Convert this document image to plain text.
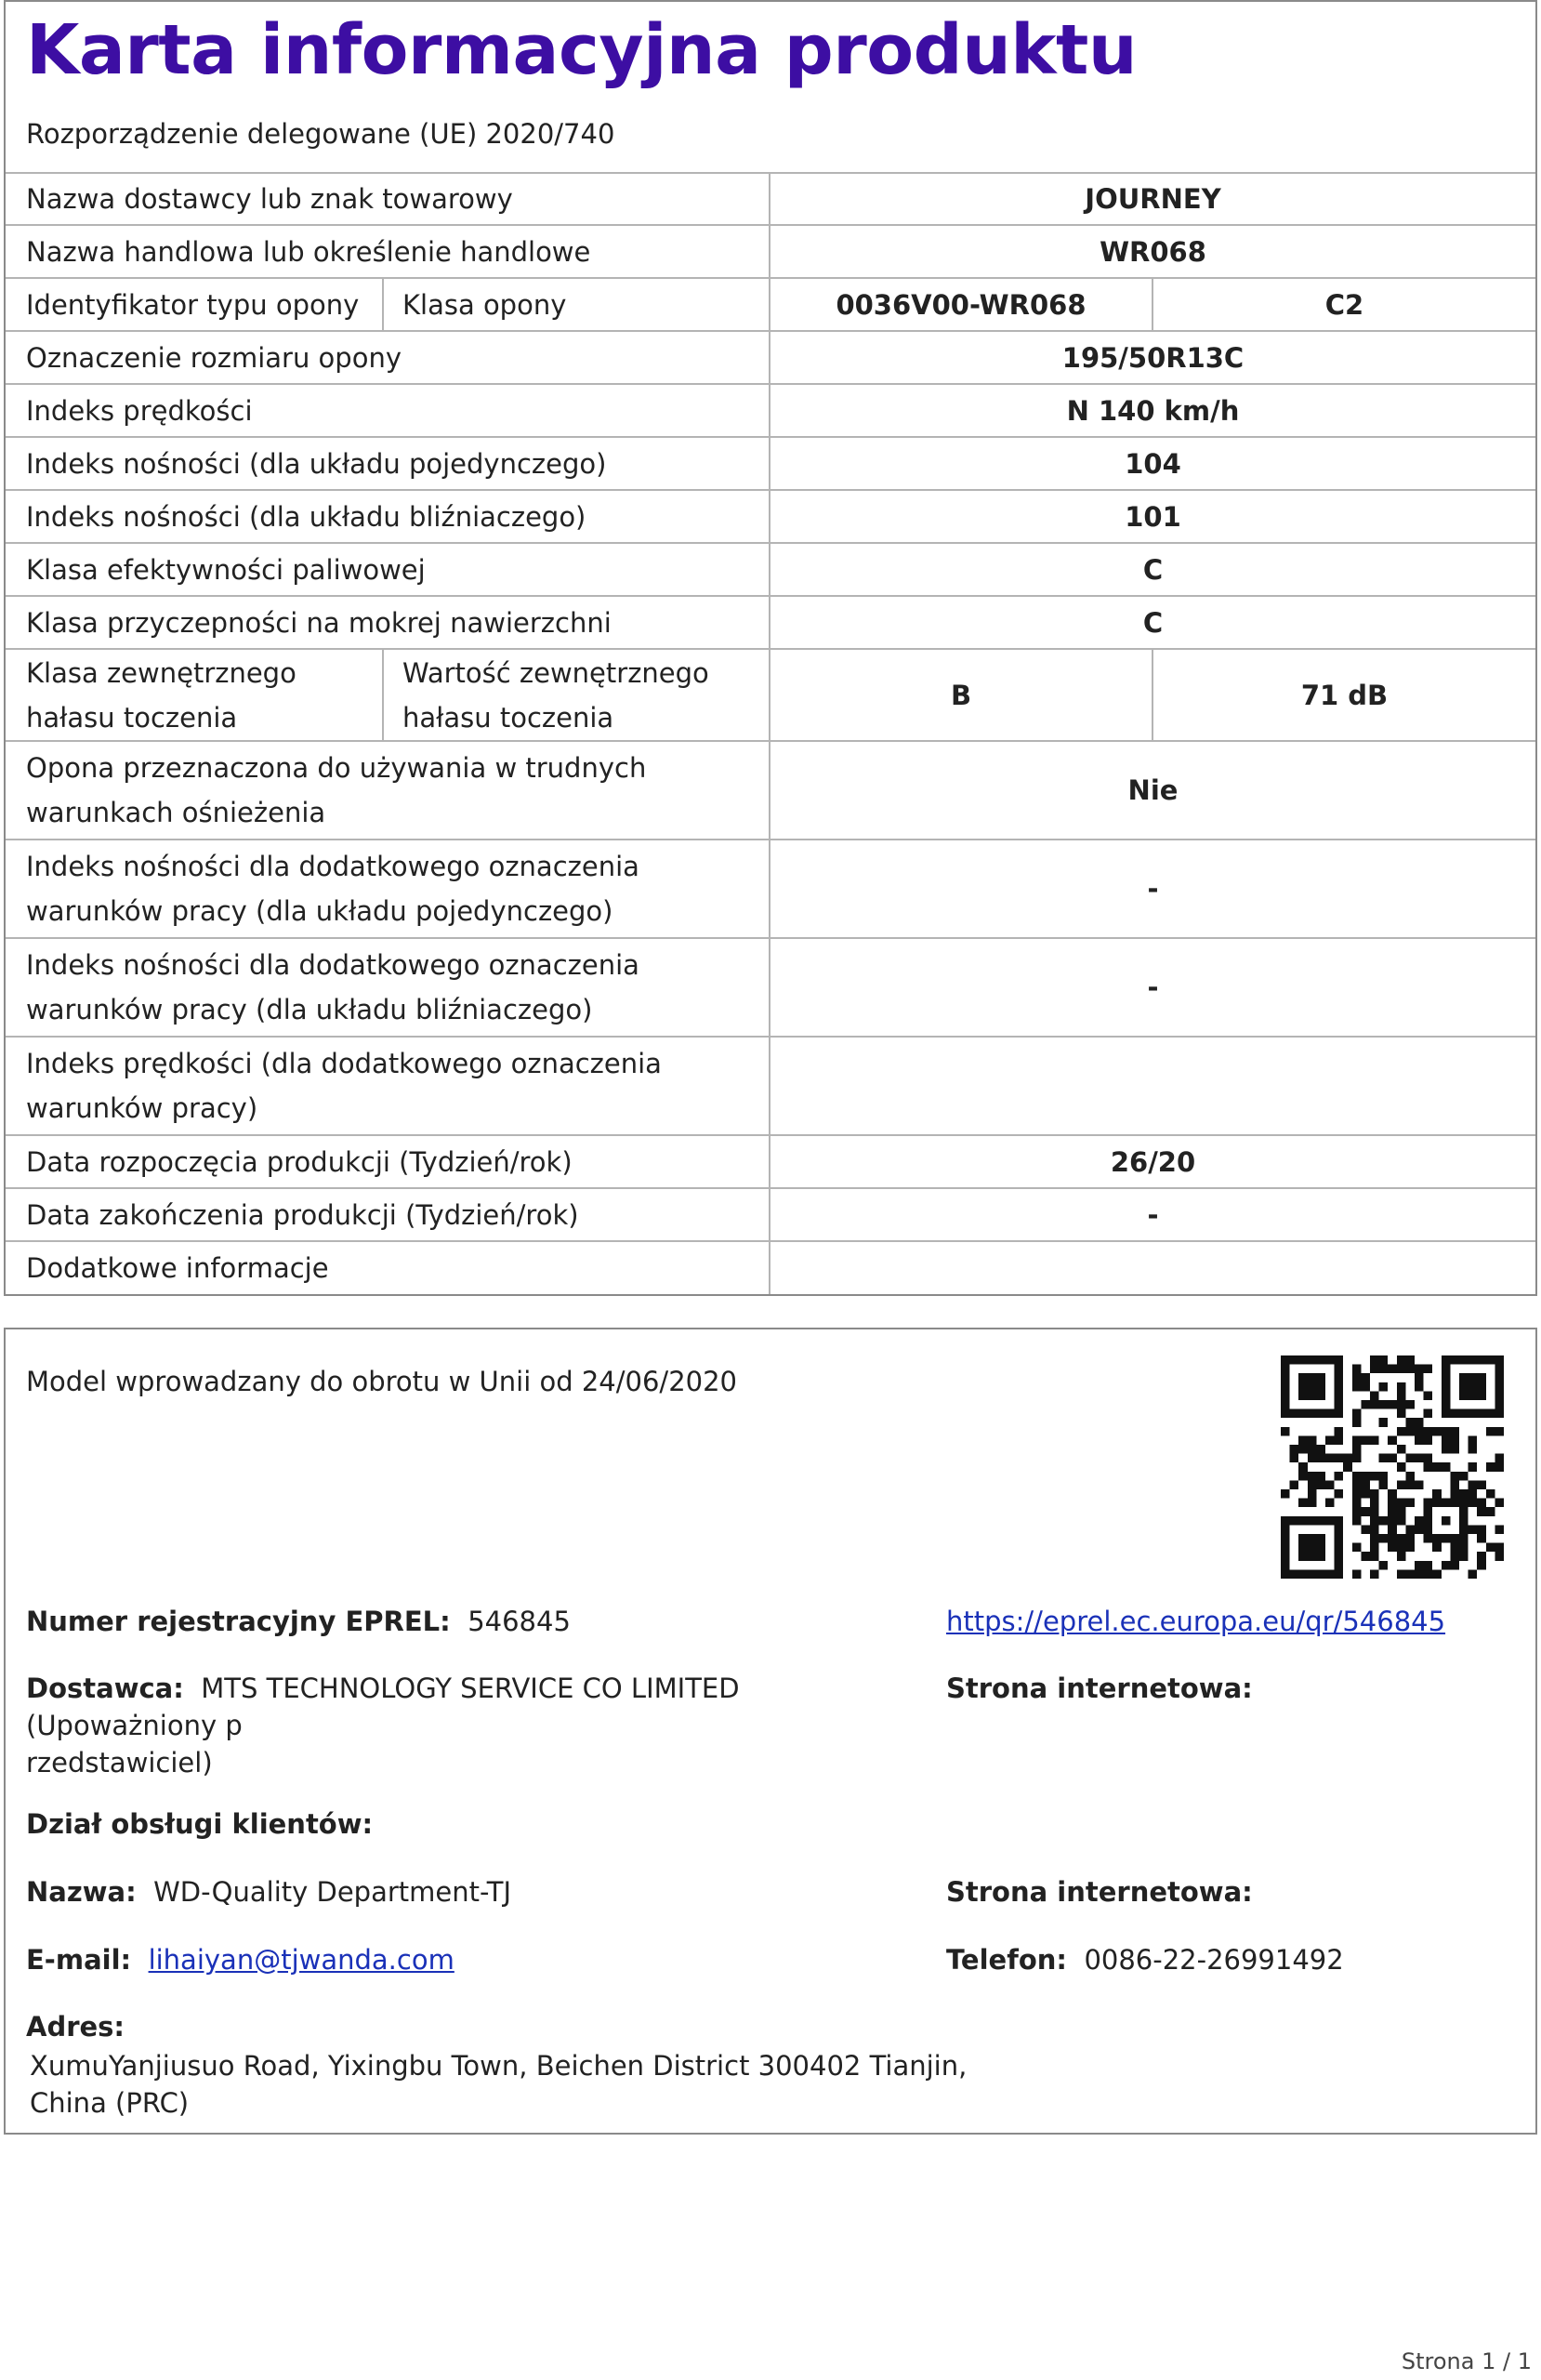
Karta informacyjna produktu
Rozporządzenie delegowane (UE) 2020/740
Nazwa dostawcy lub znak towarowy		JOURNEY	
Nazwa handlowa lub określenie handlowe		WR068	
Identyfikator typu opony	Klasa opony	0036V00-WR068	C2
Oznaczenie rozmiaru opony		195/50R13C	
Indeks prędkości		N 140 km/h	
Indeks nośności (dla układu pojedynczego)		104	
Indeks nośności (dla układu bliźniaczego)		101	
Klasa efektywności paliwowej		C	
Klasa przyczepności na mokrej nawierzchni		C	
Klasa zewnętrznego hałasu toczenia	Wartość zewnętrznego hałasu toczenia	B	71 dB
Opona przeznaczona do używania w trudnych warunkach ośnieżenia		Nie	
Indeks nośności dla dodatkowego oznaczenia warunków pracy (dla układu pojedynczego)		-	
Indeks nośności dla dodatkowego oznaczenia warunków pracy (dla układu bliźniaczego)		-	
Indeks prędkości (dla dodatkowego oznaczenia warunków pracy)			
Data rozpoczęcia produkcji (Tydzień/rok)		26/20	
Data zakończenia produkcji (Tydzień/rok)		-	
Dodatkowe informacje			
Model wprowadzany do obrotu w Unii od 24/06/2020
Numer rejestracyjny EPREL: 546845	https://eprel.ec.europa.eu/qr/546845
Dostawca: MTS TECHNOLOGY SERVICE CO LIMITED (Upoważniony p
rzedstawiciel)
Strona internetowa:
Dział obsługi klientów:
Nazwa: WD-Quality Department-TJ	Strona internetowa:
E-mail: lihaiyan@tjwanda.com	Telefon: 0086-22-26991492
Adres:
XumuYanjiusuo Road, Yixingbu Town, Beichen District 300402 Tianjin,
China (PRC)
Strona 1 / 1
